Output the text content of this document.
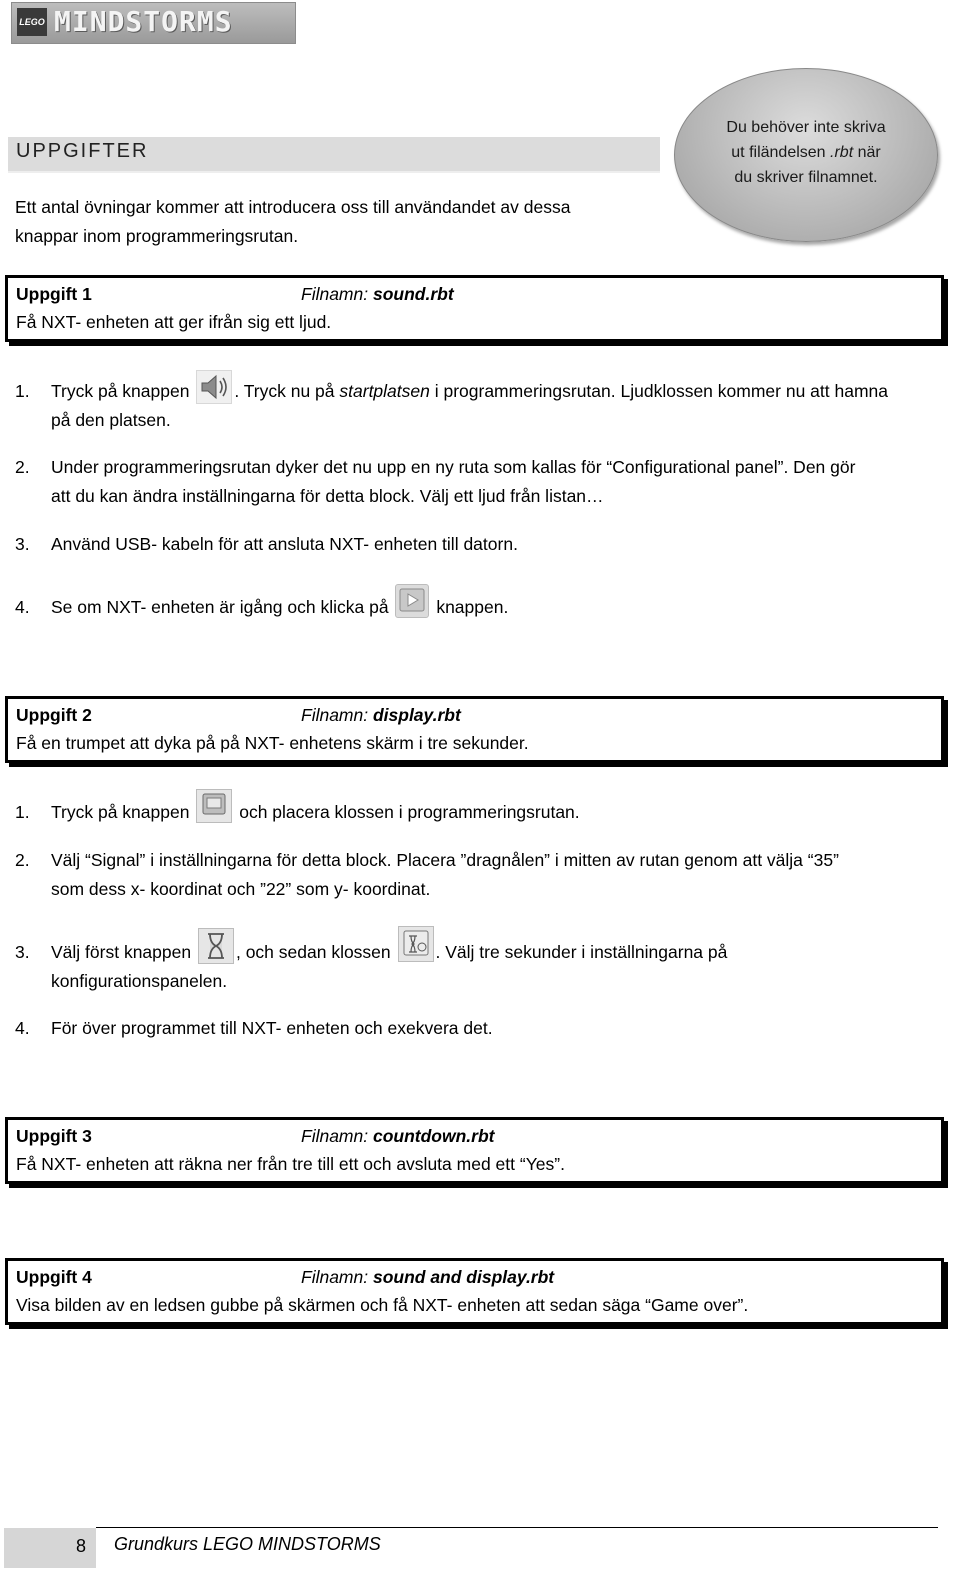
LEGO MINDSTORMS
UPPGIFTER
Du behöver inte skriva
ut filändelsen .rbt när
du skriver filnamnet.
Ett antal övningar kommer att introducera oss till användandet av dessa
knappar inom programmeringsrutan.
Uppgift 1	Filnamn: sound.rbt
Få NXT- enheten att ger ifrån sig ett ljud.
1. Tryck på knappen	. Tryck nu på startplatsen i programmeringsrutan. Ljudklossen kommer nu att hamna
på den platsen.
2. Under programmeringsrutan dyker det nu upp en ny ruta som kallas för “Configurational panel”. Den gör
att du kan ändra inställningarna för detta block. Välj ett ljud från listan…
3. Använd USB- kabeln för att ansluta NXT- enheten till datorn.
4. Se om NXT- enheten är igång och klicka på	knappen.
Uppgift 2	Filnamn: display.rbt
Få en trumpet att dyka på på NXT- enhetens skärm i tre sekunder.
1. Tryck på knappen	och placera klossen i programmeringsrutan.
2. Välj “Signal” i inställningarna för detta block. Placera ”dragnålen” i mitten av rutan genom att välja “35”
som dess x- koordinat och ”22” som y- koordinat.
3. Välj först knappen	, och sedan klossen	. Välj tre sekunder i inställningarna på
konfigurationspanelen.
4. För över programmet till NXT- enheten och exekvera det.
Uppgift 3	Filnamn: countdown.rbt
Få NXT- enheten att räkna ner från tre till ett och avsluta med ett “Yes”.
Uppgift 4	Filnamn: sound and display.rbt
Visa bilden av en ledsen gubbe på skärmen och få NXT- enheten att sedan säga “Game over”.
8 Grundkurs LEGO MINDSTORMS
